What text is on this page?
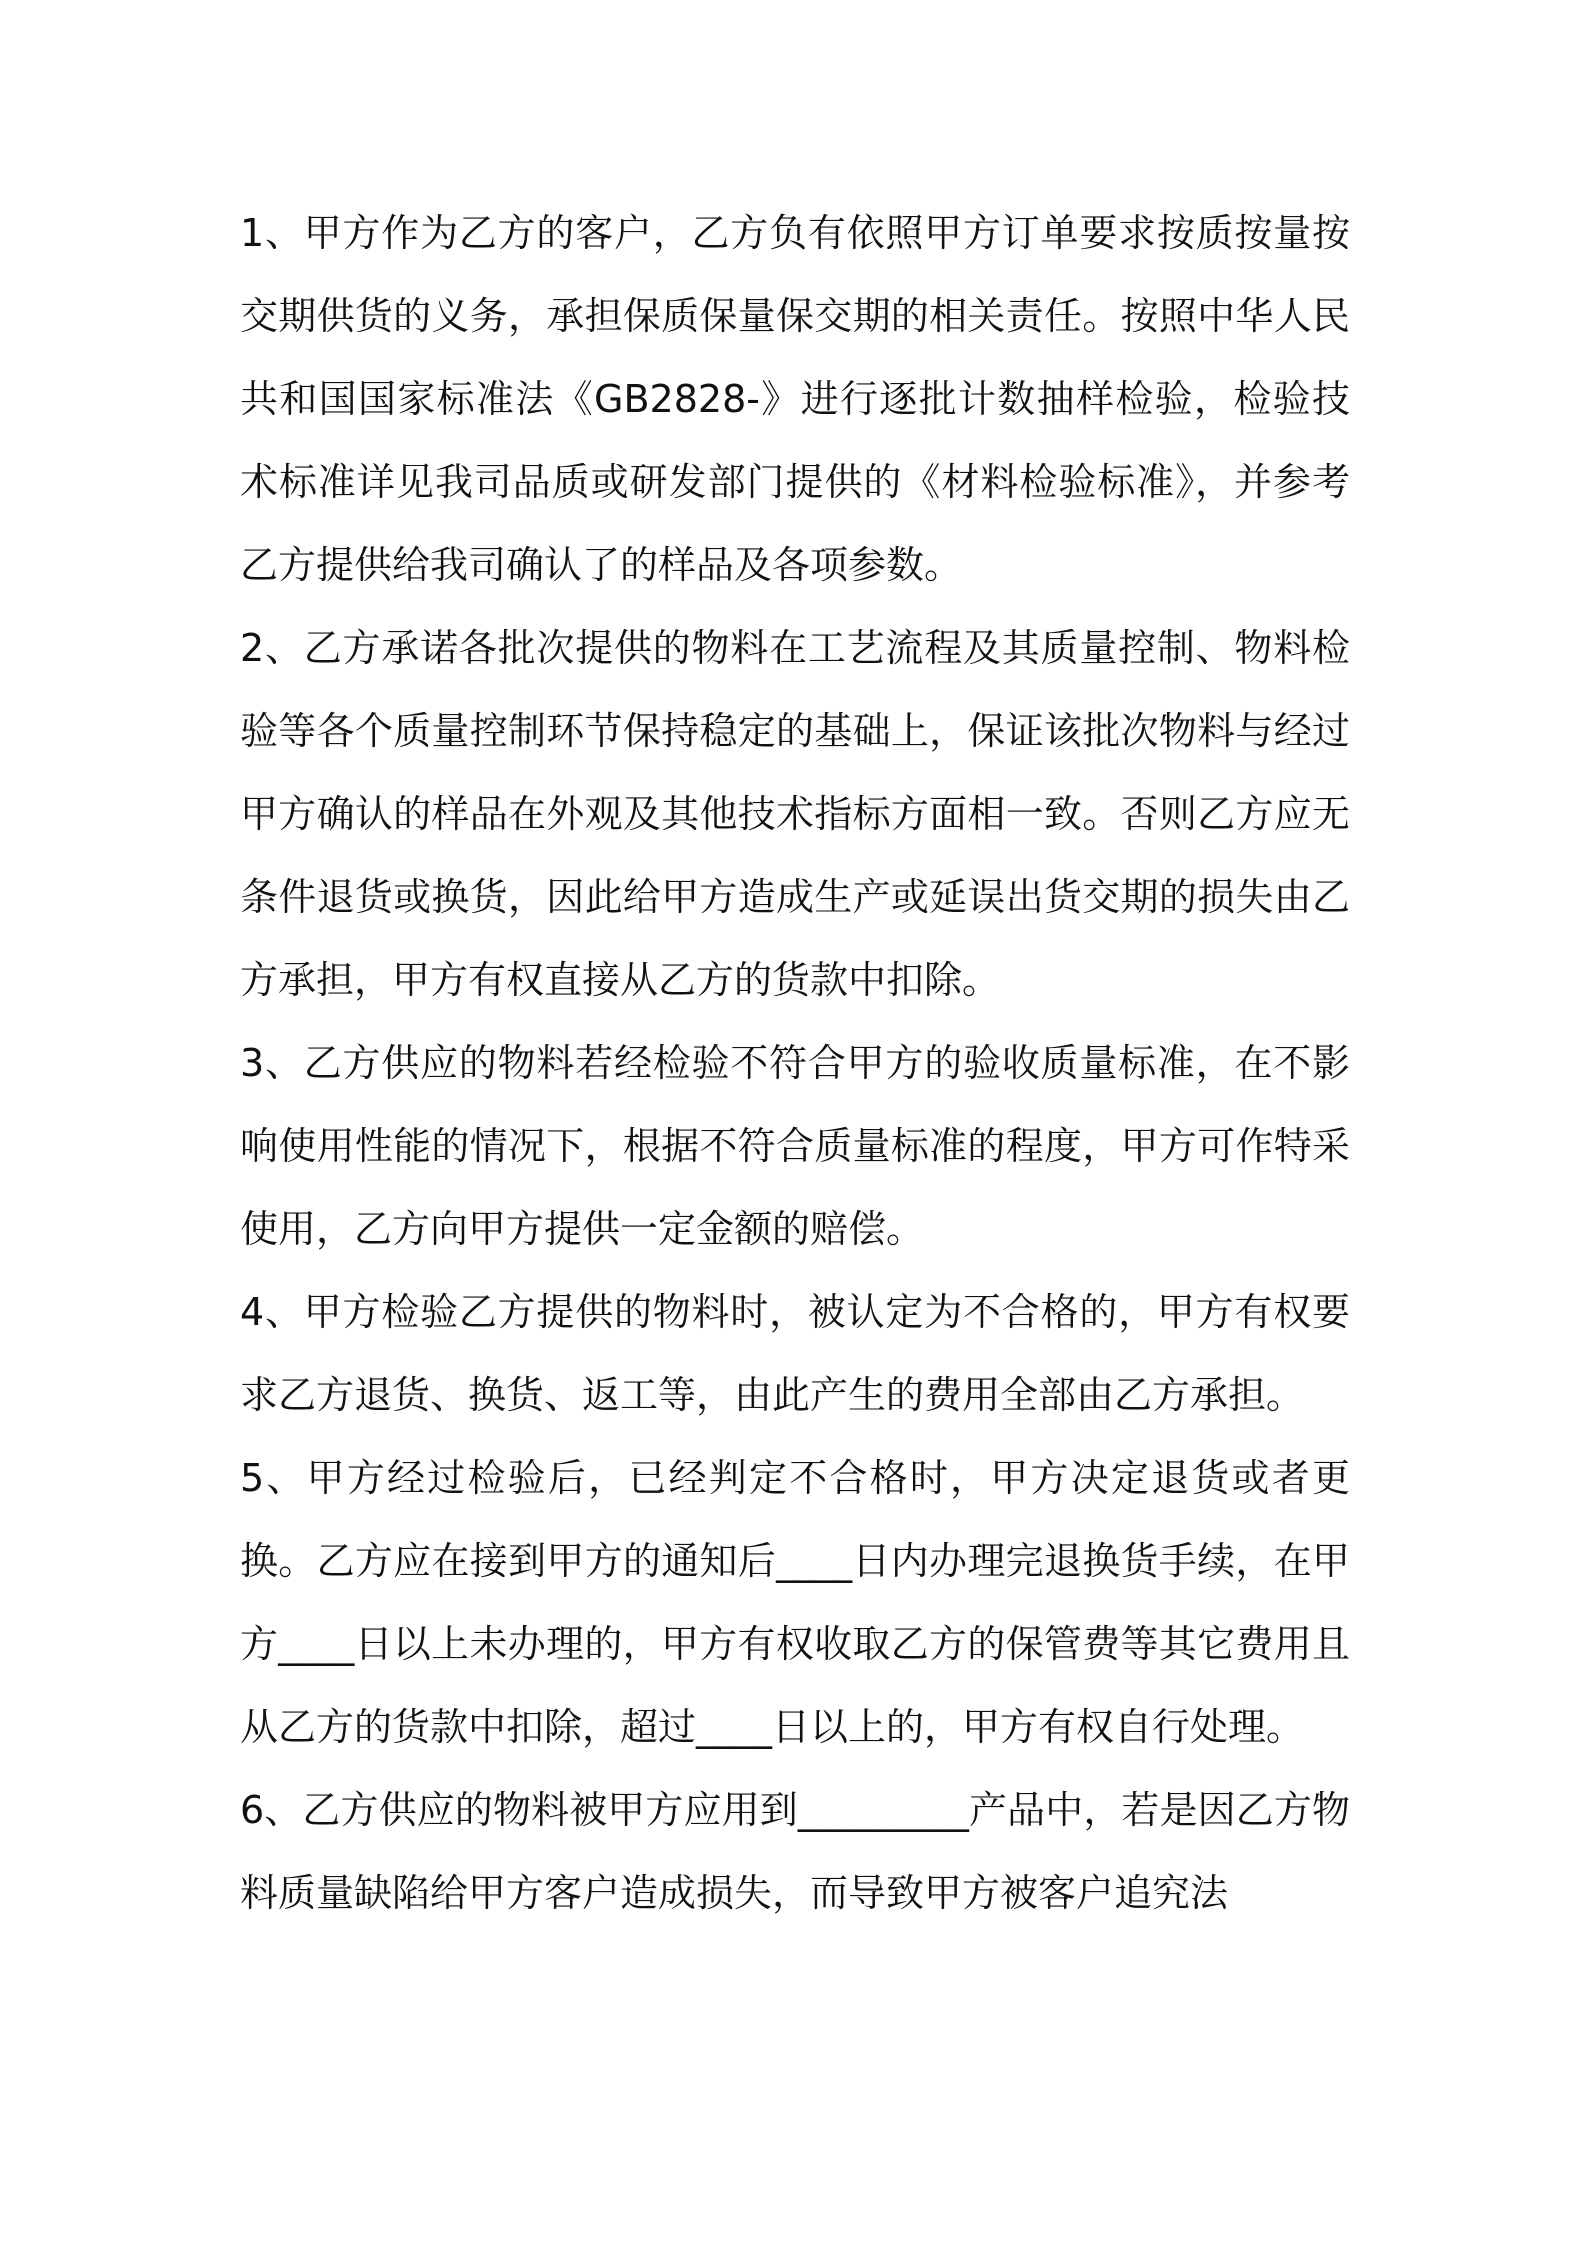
1、甲方作为乙方的客户，乙方负有依照甲方订单要求按质按量按交期供货的义务，承担保质保量保交期的相关责任。按照中华人民共和国国家标准法《GB2828-》进行逐批计数抽样检验，检验技术标准详见我司品质或研发部门提供的《材料检验标准》，并参考乙方提供给我司确认了的样品及各项参数。

2、乙方承诺各批次提供的物料在工艺流程及其质量控制、物料检验等各个质量控制环节保持稳定的基础上，保证该批次物料与经过甲方确认的样品在外观及其他技术指标方面相一致。否则乙方应无条件退货或换货，因此给甲方造成生产或延误出货交期的损失由乙方承担，甲方有权直接从乙方的货款中扣除。

3、乙方供应的物料若经检验不符合甲方的验收质量标准，在不影响使用性能的情况下，根据不符合质量标准的程度，甲方可作特采使用，乙方向甲方提供一定金额的赔偿。

4、甲方检验乙方提供的物料时，被认定为不合格的，甲方有权要求乙方退货、换货、返工等，由此产生的费用全部由乙方承担。

5、甲方经过检验后，已经判定不合格时，甲方决定退货或者更换。乙方应在接到甲方的通知后____日内办理完退换货手续，在甲方____日以上未办理的，甲方有权收取乙方的保管费等其它费用且从乙方的货款中扣除，超过____日以上的，甲方有权自行处理。

6、乙方供应的物料被甲方应用到_________产品中，若是因乙方物料质量缺陷给甲方客户造成损失，而导致甲方被客户追究法
